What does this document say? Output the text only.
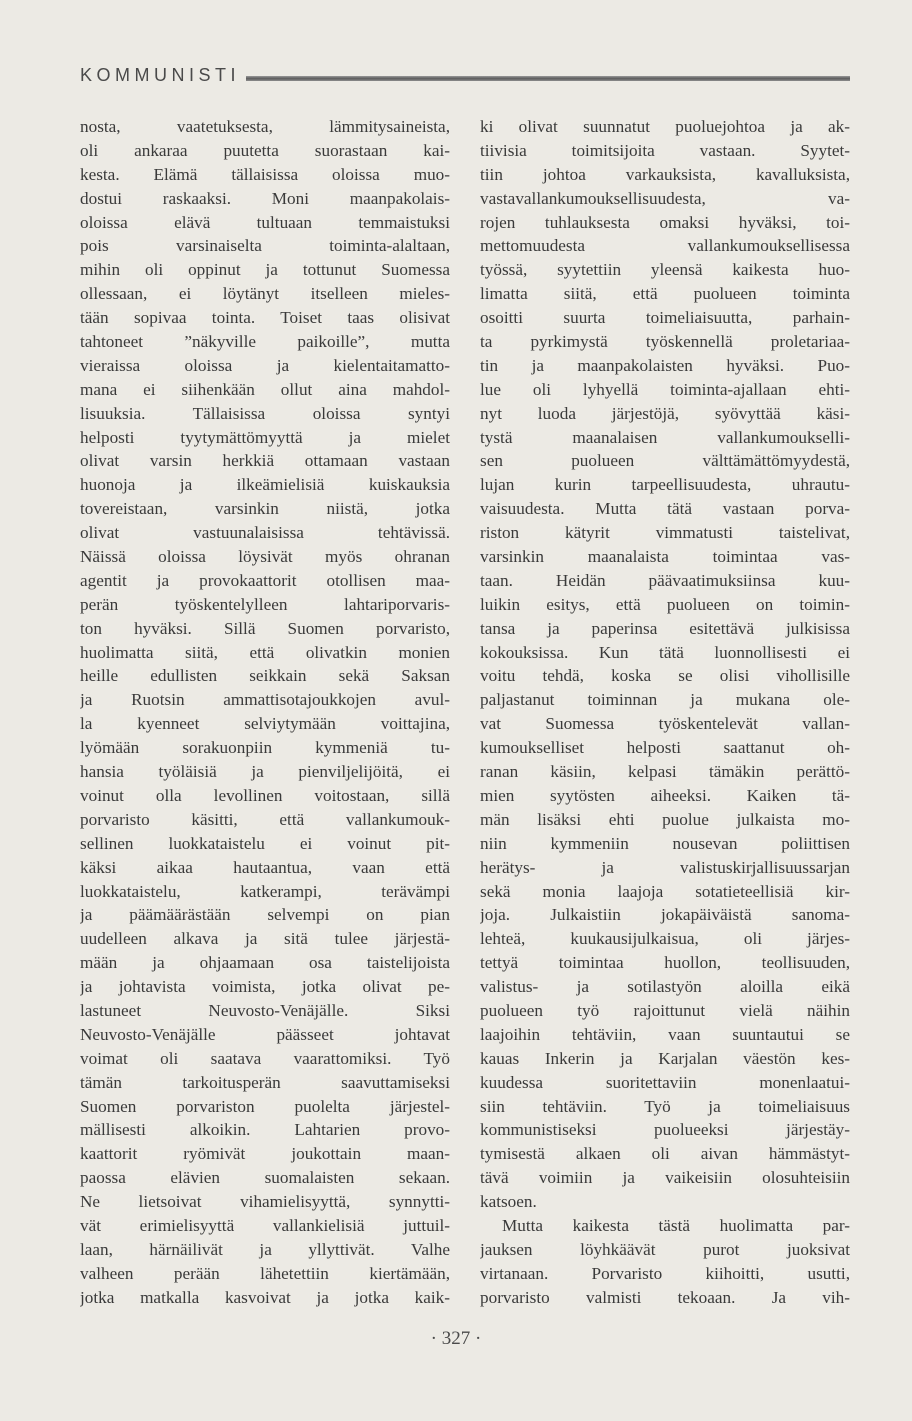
KOMMUNISTI
nosta, vaatetuksesta, lämmitysaineista,
oli ankaraa puutetta suorastaan kai-
kesta. Elämä tällaisissa oloissa muo-
dostui raskaaksi. Moni maanpakolais-
oloissa elävä tultuaan temmaistuksi
pois varsinaiselta toiminta-alaltaan,
mihin oli oppinut ja tottunut Suomessa
ollessaan, ei löytänyt itselleen mieles-
tään sopivaa tointa. Toiset taas olisivat
tahtoneet ”näkyville paikoille”, mutta
vieraissa oloissa ja kielentaitamatto-
mana ei siihenkään ollut aina mahdol-
lisuuksia. Tällaisissa oloissa syntyi
helposti tyytymättömyyttä ja mielet
olivat varsin herkkiä ottamaan vastaan
huonoja ja ilkeämielisiä kuiskauksia
tovereistaan, varsinkin niistä, jotka
olivat vastuunalaisissa tehtävissä.
Näissä oloissa löysivät myös ohranan
agentit ja provokaattorit otollisen maa-
perän työskentelylleen lahtariporvaris-
ton hyväksi. Sillä Suomen porvaristo,
huolimatta siitä, että olivatkin monien
heille edullisten seikkain sekä Saksan
ja Ruotsin ammattisotajoukkojen avul-
la kyenneet selviytymään voittajina,
lyömään sorakuonpiin kymmeniä tu-
hansia työläisiä ja pienviljelijöitä, ei
voinut olla levollinen voitostaan, sillä
porvaristo käsitti, että vallankumouk-
sellinen luokkataistelu ei voinut pit-
käksi aikaa hautaantua, vaan että
luokkataistelu, katkerampi, terävämpi
ja päämäärästään selvempi on pian
uudelleen alkava ja sitä tulee järjestä-
mään ja ohjaamaan osa taistelijoista
ja johtavista voimista, jotka olivat pe-
lastuneet Neuvosto-Venäjälle. Siksi
Neuvosto-Venäjälle päässeet johtavat
voimat oli saatava vaarattomiksi. Työ
tämän tarkoitusperän saavuttamiseksi
Suomen porvariston puolelta järjestel-
mällisesti alkoikin. Lahtarien provo-
kaattorit ryömivät joukottain maan-
paossa elävien suomalaisten sekaan.
Ne lietsoivat vihamielisyyttä, synnytti-
vät erimielisyyttä vallankielisiä juttuil-
laan, härnäilivät ja yllyttivät. Valhe
valheen perään lähetettiin kiertämään,
jotka matkalla kasvoivat ja jotka kaik-
ki olivat suunnatut puoluejohtoa ja ak-
tiivisia toimitsijoita vastaan. Syytet-
tiin johtoa varkauksista, kavalluksista,
vastavallankumouksellisuudesta, va-
rojen tuhlauksesta omaksi hyväksi, toi-
mettomuudesta vallankumouksellisessa
työssä, syytettiin yleensä kaikesta huo-
limatta siitä, että puolueen toiminta
osoitti suurta toimeliaisuutta, parhain-
ta pyrkimystä työskennellä proletariaa-
tin ja maanpakolaisten hyväksi. Puo-
lue oli lyhyellä toiminta-ajallaan ehti-
nyt luoda järjestöjä, syövyttää käsi-
tystä maanalaisen vallankumoukselli-
sen puolueen välttämättömyydestä,
lujan kurin tarpeellisuudesta, uhrautu-
vaisuudesta. Mutta tätä vastaan porva-
riston kätyrit vimmatusti taistelivat,
varsinkin maanalaista toimintaa vas-
taan. Heidän päävaatimuksiinsa kuu-
luikin esitys, että puolueen on toimin-
tansa ja paperinsa esitettävä julkisissa
kokouksissa. Kun tätä luonnollisesti ei
voitu tehdä, koska se olisi vihollisille
paljastanut toiminnan ja mukana ole-
vat Suomessa työskentelevät vallan-
kumoukselliset helposti saattanut oh-
ranan käsiin, kelpasi tämäkin perättö-
mien syytösten aiheeksi. Kaiken tä-
män lisäksi ehti puolue julkaista mo-
niin kymmeniin nousevan poliittisen
herätys- ja valistuskirjallisuussarjan
sekä monia laajoja sotatieteellisiä kir-
joja. Julkaistiin jokapäiväistä sanoma-
lehteä, kuukausijulkaisua, oli järjes-
tettyä toimintaa huollon, teollisuuden,
valistus- ja sotilastyön aloilla eikä
puolueen työ rajoittunut vielä näihin
laajoihin tehtäviin, vaan suuntautui se
kauas Inkerin ja Karjalan väestön kes-
kuudessa suoritettaviin monenlaatui-
siin tehtäviin. Työ ja toimeliaisuus
kommunistiseksi puolueeksi järjestäy-
tymisestä alkaen oli aivan hämmästyt-
tävä voimiin ja vaikeisiin olosuhteisiin
katsoen.
Mutta kaikesta tästä huolimatta par-
jauksen löyhkäävät purot juoksivat
virtanaan. Porvaristo kiihoitti, usutti,
porvaristo valmisti tekoaan. Ja vih-
· 327 ·
